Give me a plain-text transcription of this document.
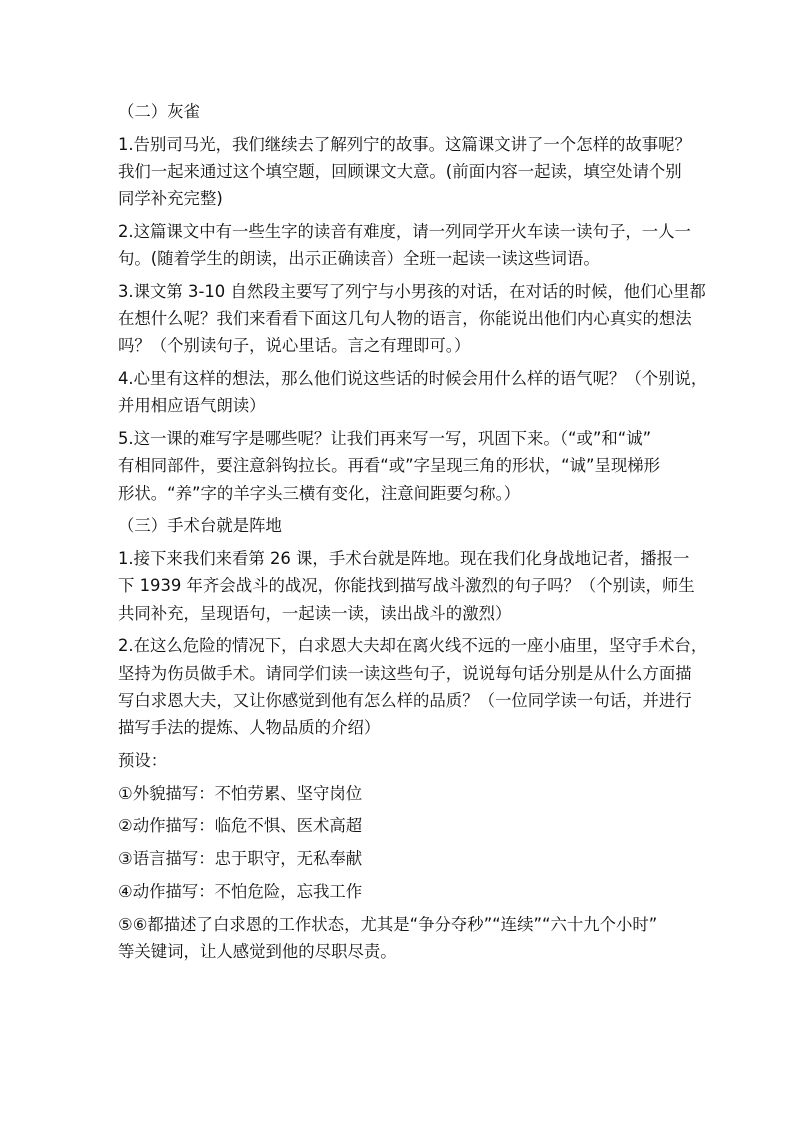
（二）灰雀
1.告别司马光，我们继续去了解列宁的故事。这篇课文讲了一个怎样的故事呢？
我们一起来通过这个填空题，回顾课文大意。(前面内容一起读，填空处请个别
同学补充完整)
2.这篇课文中有一些生字的读音有难度，请一列同学开火车读一读句子，一人一
句。(随着学生的朗读，出示正确读音）全班一起读一读这些词语。
3.课文第 3-10 自然段主要写了列宁与小男孩的对话，在对话的时候，他们心里都
在想什么呢？我们来看看下面这几句人物的语言，你能说出他们内心真实的想法
吗？（个别读句子，说心里话。言之有理即可。）
4.心里有这样的想法，那么他们说这些话的时候会用什么样的语气呢？（个别说，
并用相应语气朗读）
5.这一课的难写字是哪些呢？让我们再来写一写，巩固下来。（“或”和“诚”
有相同部件，要注意斜钩拉长。再看“或”字呈现三角的形状，“诚”呈现梯形
形状。“养”字的羊字头三横有变化，注意间距要匀称。）
（三）手术台就是阵地
1.接下来我们来看第 26 课，手术台就是阵地。现在我们化身战地记者，播报一
下 1939 年齐会战斗的战况，你能找到描写战斗激烈的句子吗？（个别读，师生
共同补充，呈现语句，一起读一读，读出战斗的激烈）
2.在这么危险的情况下，白求恩大夫却在离火线不远的一座小庙里，坚守手术台，
坚持为伤员做手术。请同学们读一读这些句子，说说每句话分别是从什么方面描
写白求恩大夫，又让你感觉到他有怎么样的品质？（一位同学读一句话，并进行
描写手法的提炼、人物品质的介绍）
预设：
①外貌描写：不怕劳累、坚守岗位
②动作描写：临危不惧、医术高超
③语言描写：忠于职守，无私奉献
④动作描写：不怕危险，忘我工作
⑤⑥都描述了白求恩的工作状态，尤其是“争分夺秒”“连续”“六十九个小时”
等关键词，让人感觉到他的尽职尽责。
